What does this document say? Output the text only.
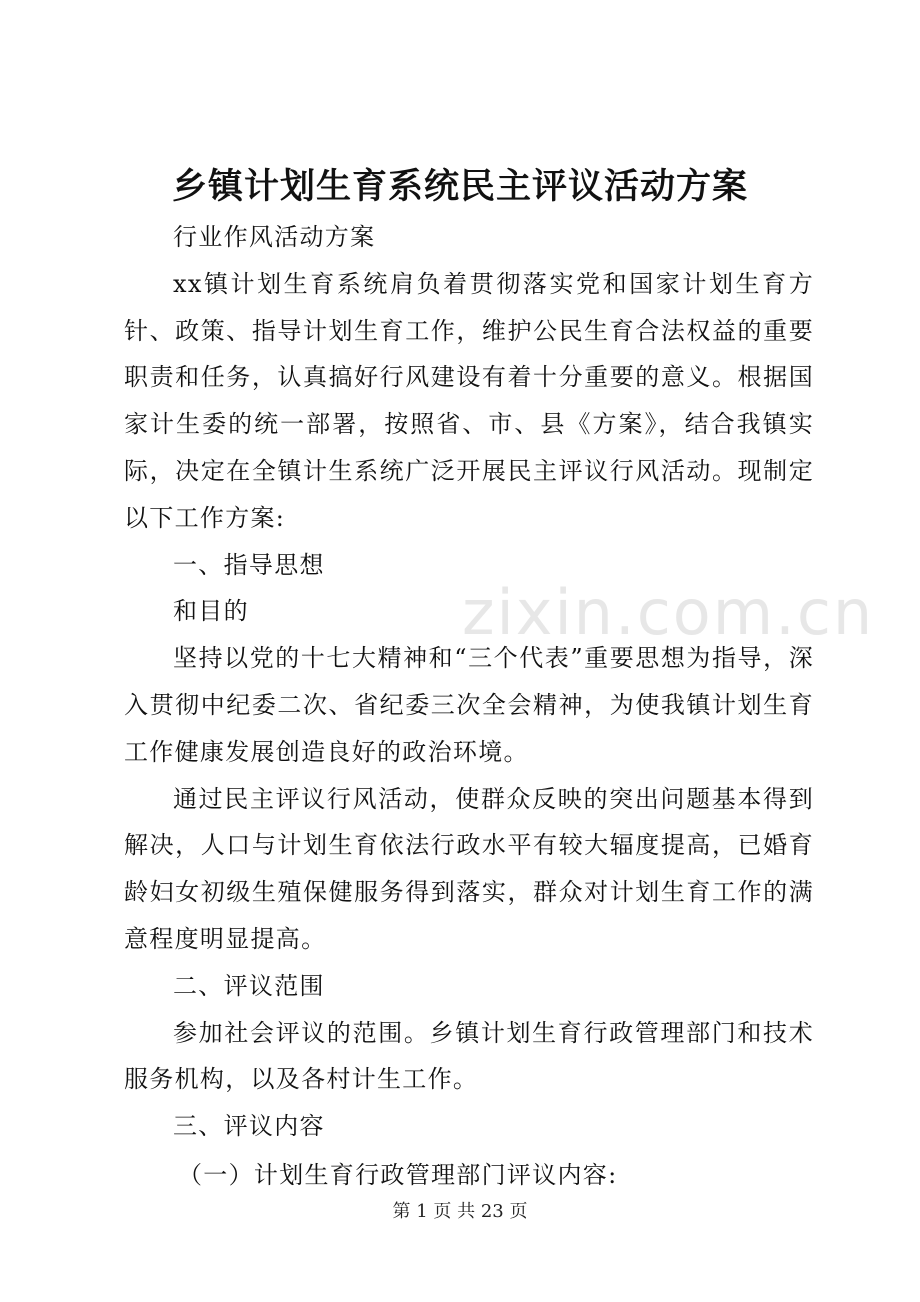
乡镇计划生育系统民主评议活动方案

行业作风活动方案

xx镇计划生育系统肩负着贯彻落实党和国家计划生育方针、政策、指导计划生育工作，维护公民生育合法权益的重要职责和任务，认真搞好行风建设有着十分重要的意义。根据国家计生委的统一部署，按照省、市、县《方案》，结合我镇实际，决定在全镇计生系统广泛开展民主评议行风活动。现制定以下工作方案:

一、指导思想

和目的

坚持以党的十七大精神和“三个代表”重要思想为指导，深入贯彻中纪委二次、省纪委三次全会精神，为使我镇计划生育工作健康发展创造良好的政治环境。

通过民主评议行风活动，使群众反映的突出问题基本得到解决，人口与计划生育依法行政水平有较大辐度提高，已婚育龄妇女初级生殖保健服务得到落实，群众对计划生育工作的满意程度明显提高。

二、评议范围

参加社会评议的范围。乡镇计划生育行政管理部门和技术服务机构，以及各村计生工作。

三、评议内容

（一）计划生育行政管理部门评议内容:

zixin.com.cn
第 1 页 共 23 页
